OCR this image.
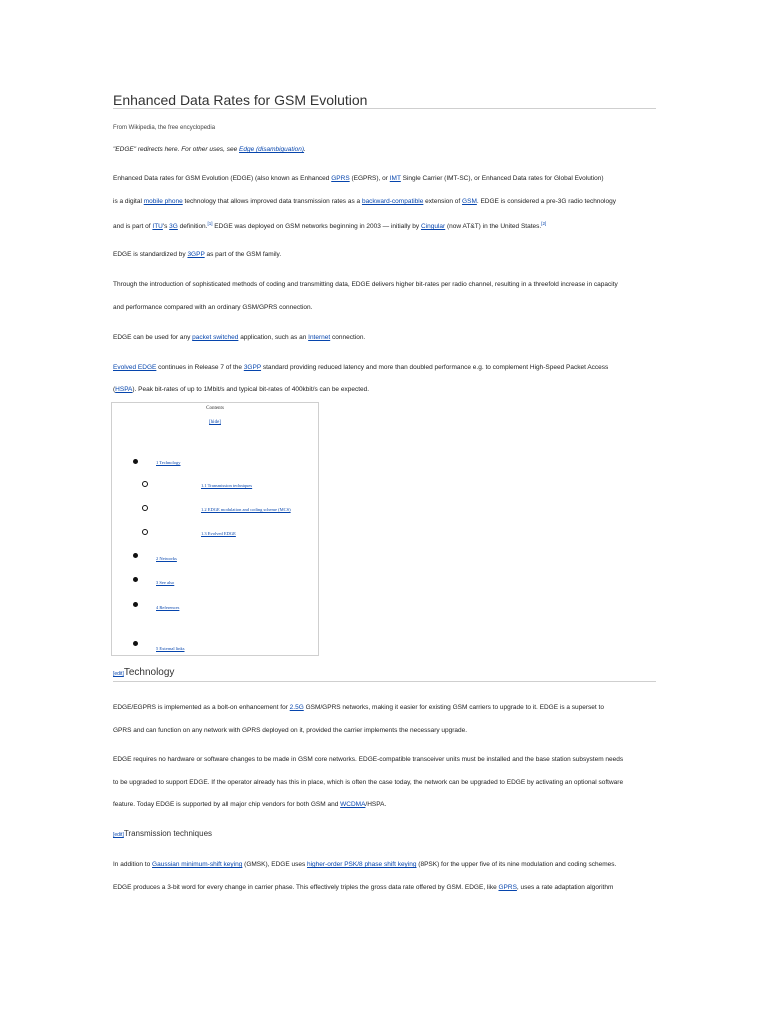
Enhanced Data Rates for GSM Evolution
From Wikipedia, the free encyclopedia
"EDGE" redirects here. For other uses, see Edge (disambiguation).
Enhanced Data rates for GSM Evolution (EDGE) (also known as Enhanced GPRS (EGPRS), or IMT Single Carrier (IMT-SC), or Enhanced Data rates for Global Evolution)
is a digital mobile phone technology that allows improved data transmission rates as a backward-compatible extension of GSM. EDGE is considered a pre-3G radio technology
and is part of ITU's 3G definition.[1] EDGE was deployed on GSM networks beginning in 2003 — initially by Cingular (now AT&T) in the United States.[2]
EDGE is standardized by 3GPP as part of the GSM family.
Through the introduction of sophisticated methods of coding and transmitting data, EDGE delivers higher bit-rates per radio channel, resulting in a threefold increase in capacity
and performance compared with an ordinary GSM/GPRS connection.
EDGE can be used for any packet switched application, such as an Internet connection.
Evolved EDGE continues in Release 7 of the 3GPP standard providing reduced latency and more than doubled performance e.g. to complement High-Speed Packet Access
(HSPA). Peak bit-rates of up to 1Mbit/s and typical bit-rates of 400kbit/s can be expected.
Contents
[hide]
1 Technology
1.1 Transmission techniques
1.2 EDGE modulation and coding scheme (MCS)
1.3 Evolved EDGE
2 Networks
3 See also
4 References
5 External links
[edit]Technology
EDGE/EGPRS is implemented as a bolt-on enhancement for 2.5G GSM/GPRS networks, making it easier for existing GSM carriers to upgrade to it. EDGE is a superset to
GPRS and can function on any network with GPRS deployed on it, provided the carrier implements the necessary upgrade.
EDGE requires no hardware or software changes to be made in GSM core networks. EDGE-compatible transceiver units must be installed and the base station subsystem needs
to be upgraded to support EDGE. If the operator already has this in place, which is often the case today, the network can be upgraded to EDGE by activating an optional software
feature. Today EDGE is supported by all major chip vendors for both GSM and WCDMA/HSPA.
[edit]Transmission techniques
In addition to Gaussian minimum-shift keying (GMSK), EDGE uses higher-order PSK/8 phase shift keying (8PSK) for the upper five of its nine modulation and coding schemes.
EDGE produces a 3-bit word for every change in carrier phase. This effectively triples the gross data rate offered by GSM. EDGE, like GPRS, uses a rate adaptation algorithm
